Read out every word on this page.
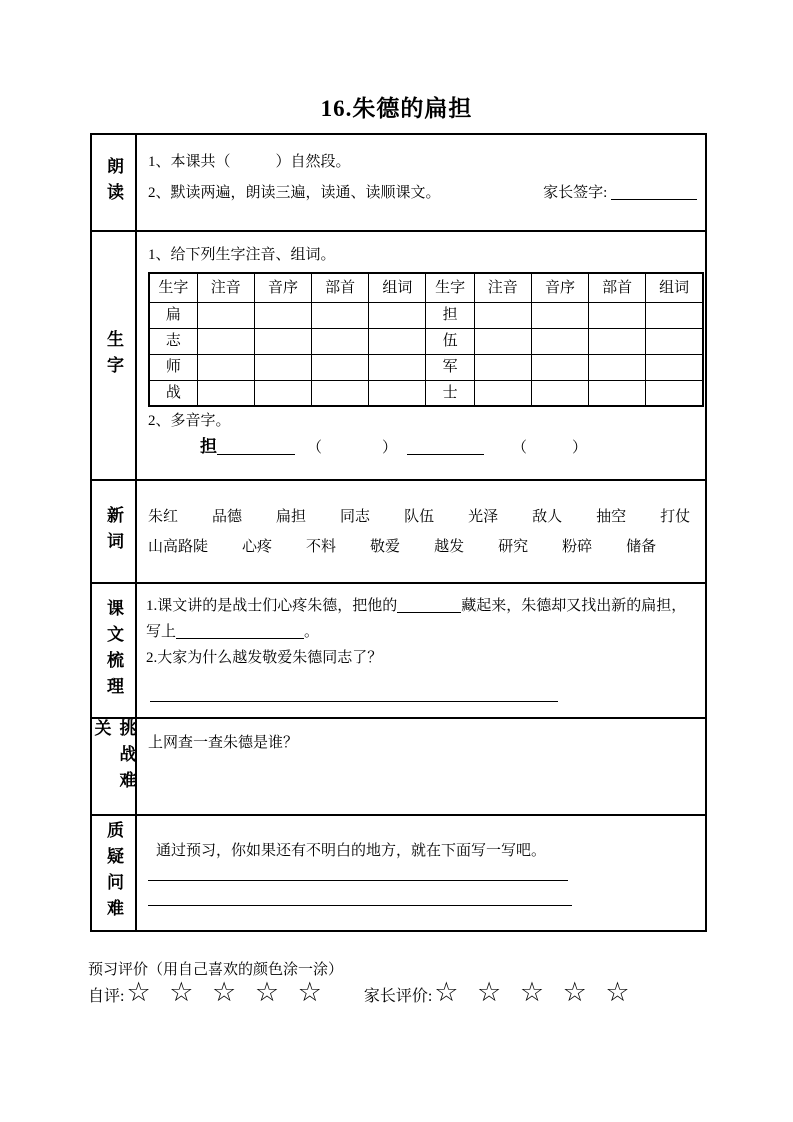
16.朱德的扁担
朗读 1、本课共（　　　）自然段。
2、默读两遍，朗读三遍，读通、读顺课文。	家长签字:
生字
1、给下列生字注音、组词。
生字	注音	音序	部首	组词	生字	注音	音序	部首	组词
扁					担				
志					伍				
师					军				
战					士				
2、多音字。
担	（　　　　）	（　　　）
新词 朱红 品德 扁担 同志 队伍 光泽 敌人 抽空 打仗
山高路陡 心疼 不料 敬爱 越发 研究 粉碎 储备
课文梳理 1.课文讲的是战士们心疼朱德，把他的	藏起来，朱德却又找出新的扁担，
写上	。
2.大家为什么越发敬爱朱德同志了？
挑战难关	上网查一查朱德是谁？
质疑问难	通过预习，你如果还有不明白的地方，就在下面写一写吧。
预习评价（用自己喜欢的颜色涂一涂）
自评: ☆ ☆ ☆ ☆ ☆	家长评价: ☆ ☆ ☆ ☆ ☆
